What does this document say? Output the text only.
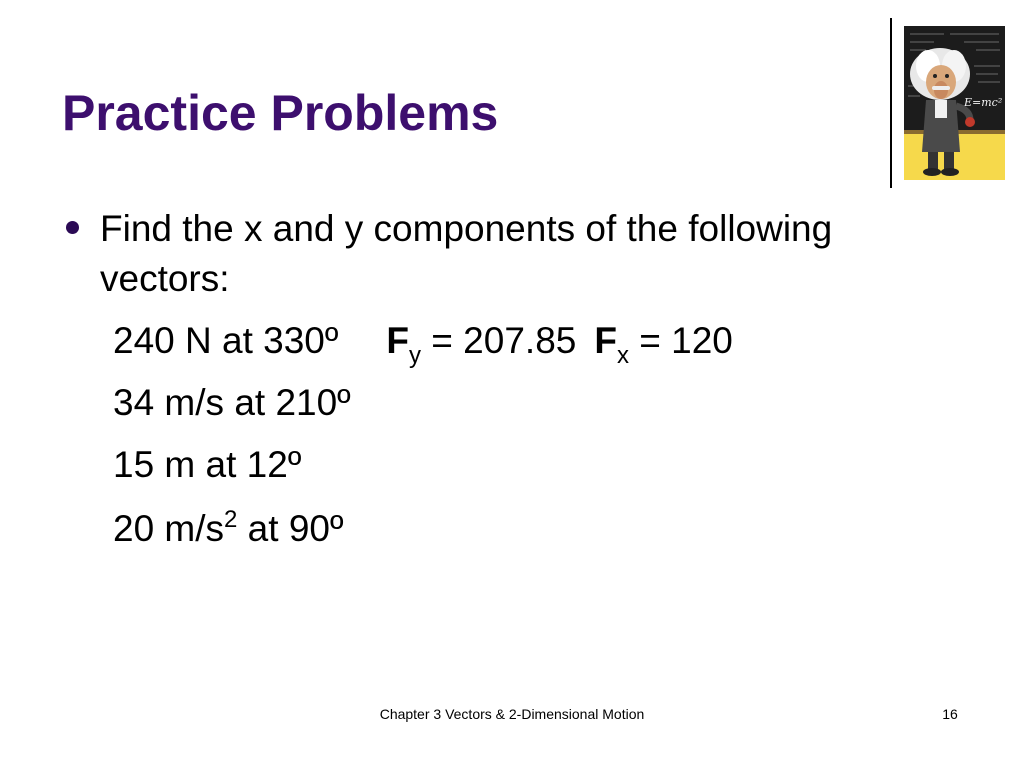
Practice Problems	E=mc²
Find the x and y components of the following vectors:
240 N at 330º $F_y = 207.85$ $F_x = 120$
34 m/s at 210º
15 m at 12º
20 $m/s^2$ at 90º
Chapter 3 Vectors & 2-Dimensional Motion	16
